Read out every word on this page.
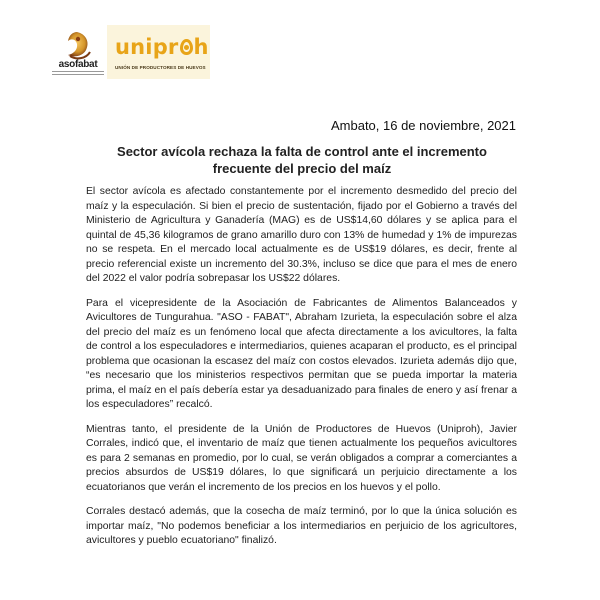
asofabat
unipr h
UNIÓN DE PRODUCTORES DE HUEVOS
Ambato, 16 de noviembre, 2021
Sector avícola rechaza la falta de control ante el incremento frecuente del precio del maíz

El sector avícola es afectado constantemente por el incremento desmedido del precio del maíz y la especulación. Si bien el precio de sustentación, fijado por el Gobierno a través del Ministerio de Agricultura y Ganadería (MAG) es de US$14,60 dólares y se aplica para el quintal de 45,36 kilogramos de grano amarillo duro con 13% de humedad y 1% de impurezas no se respeta. En el mercado local actualmente es de US$19 dólares, es decir, frente al precio referencial existe un incremento del 30.3%, incluso se dice que para el mes de enero del 2022 el valor podría sobrepasar los US$22 dólares.

Para el vicepresidente de la Asociación de Fabricantes de Alimentos Balanceados y Avicultores de Tungurahua. "ASO - FABAT", Abraham Izurieta, la especulación sobre el alza del precio del maíz es un fenómeno local que afecta directamente a los avicultores, la falta de control a los especuladores e intermediarios, quienes acaparan el producto, es el principal problema que ocasionan la escasez del maíz con costos elevados. Izurieta además dijo que, “es necesario que los ministerios respectivos permitan que se pueda importar la materia prima, el maíz en el país debería estar ya desaduanizado para finales de enero y así frenar a los especuladores” recalcó.

Mientras tanto, el presidente de la Unión de Productores de Huevos (Uniproh), Javier Corrales, indicó que, el inventario de maíz que tienen actualmente los pequeños avicultores es para 2 semanas en promedio, por lo cual, se verán obligados a comprar a comerciantes a precios absurdos de US$19 dólares, lo que significará un perjuicio directamente a los ecuatorianos que verán el incremento de los precios en los huevos y el pollo.

Corrales destacó además, que la cosecha de maíz terminó, por lo que la única solución es importar maíz, "No podemos beneficiar a los intermediarios en perjuicio de los agricultores, avicultores y pueblo ecuatoriano" finalizó.
